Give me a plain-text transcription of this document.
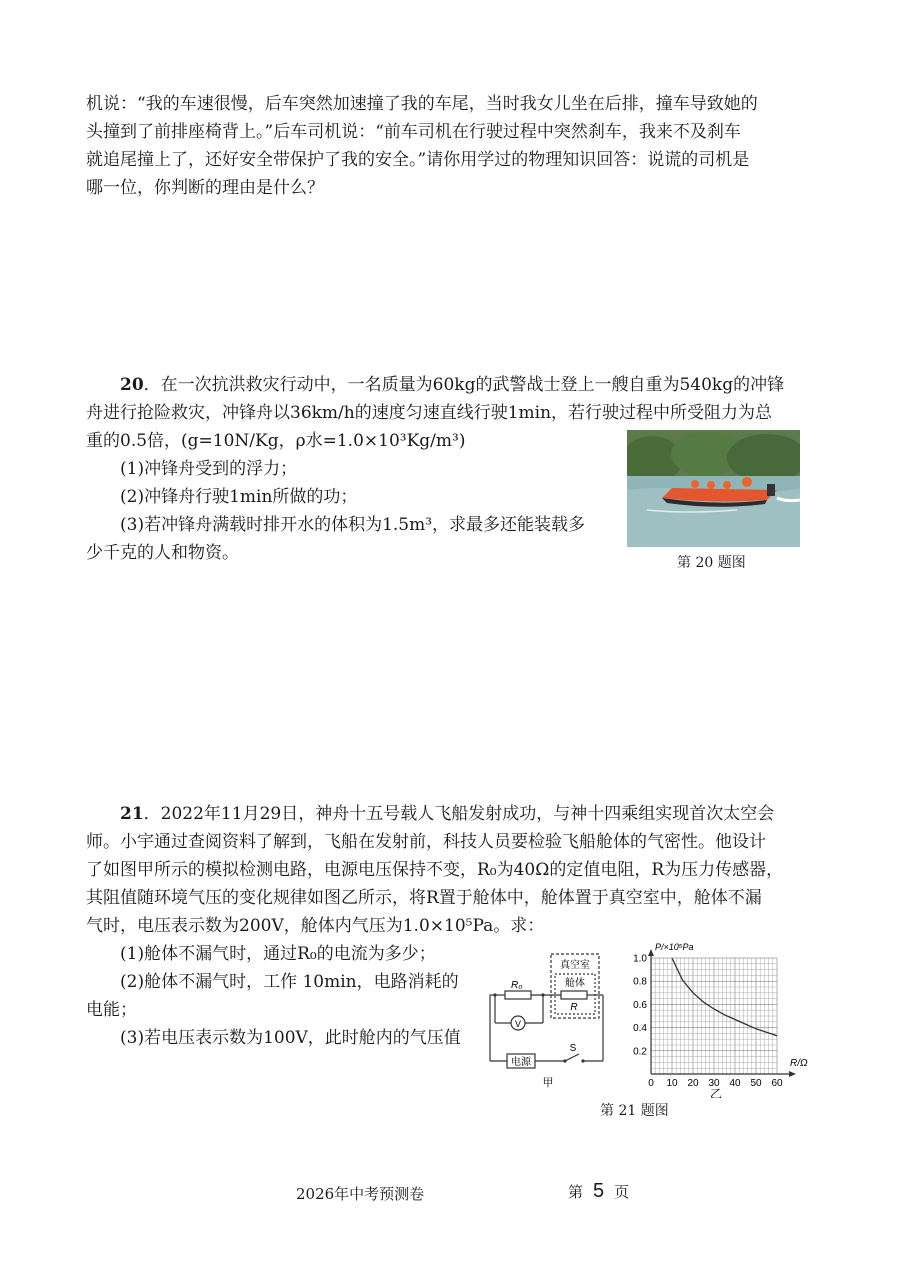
机说：“我的车速很慢，后车突然加速撞了我的车尾，当时我女儿坐在后排，撞车导致她的

头撞到了前排座椅背上。”后车司机说：“前车司机在行驶过程中突然刹车，我来不及刹车

就追尾撞上了，还好安全带保护了我的安全。”请你用学过的物理知识回答：说谎的司机是

哪一位，你判断的理由是什么？

20．在一次抗洪救灾行动中，一名质量为60kg的武警战士登上一艘自重为540kg的冲锋

舟进行抢险救灾，冲锋舟以36km/h的速度匀速直线行驶1min，若行驶过程中所受阻力为总

重的0.5倍，(g=10N/Kg，ρ水=1.0×10³Kg/m³)

(1)冲锋舟受到的浮力；

(2)冲锋舟行驶1min所做的功；

(3)若冲锋舟满载时排开水的体积为1.5m³，求最多还能装载多

少千克的人和物资。	第 20 题图

21．2022年11月29日，神舟十五号载人飞船发射成功，与神十四乘组实现首次太空会

师。小宇通过查阅资料了解到，飞船在发射前，科技人员要检验飞船舱体的气密性。他设计

了如图甲所示的模拟检测电路，电源电压保持不变，R₀为40Ω的定值电阻，R为压力传感器，

其阻值随环境气压的变化规律如图乙所示，将R置于舱体中，舱体置于真空室中，舱体不漏

气时，电压表示数为200V，舱体内气压为1.0×10⁵Pa。求：

(1)舱体不漏气时，通过R₀的电流为多少；

(2)舱体不漏气时，工作 10min，电路消耗的

电能；

(3)若电压表示数为100V，此时舱内的气压值

R₀
V
真空室
舱体
R
电源
S
甲	0 10 20 30 40 50 60
0.2
0.4
0.6
0.8
1.0
P/×10⁵Pa
R/Ω
乙
第 21 题图
2026年中考预测卷	第 5 页
